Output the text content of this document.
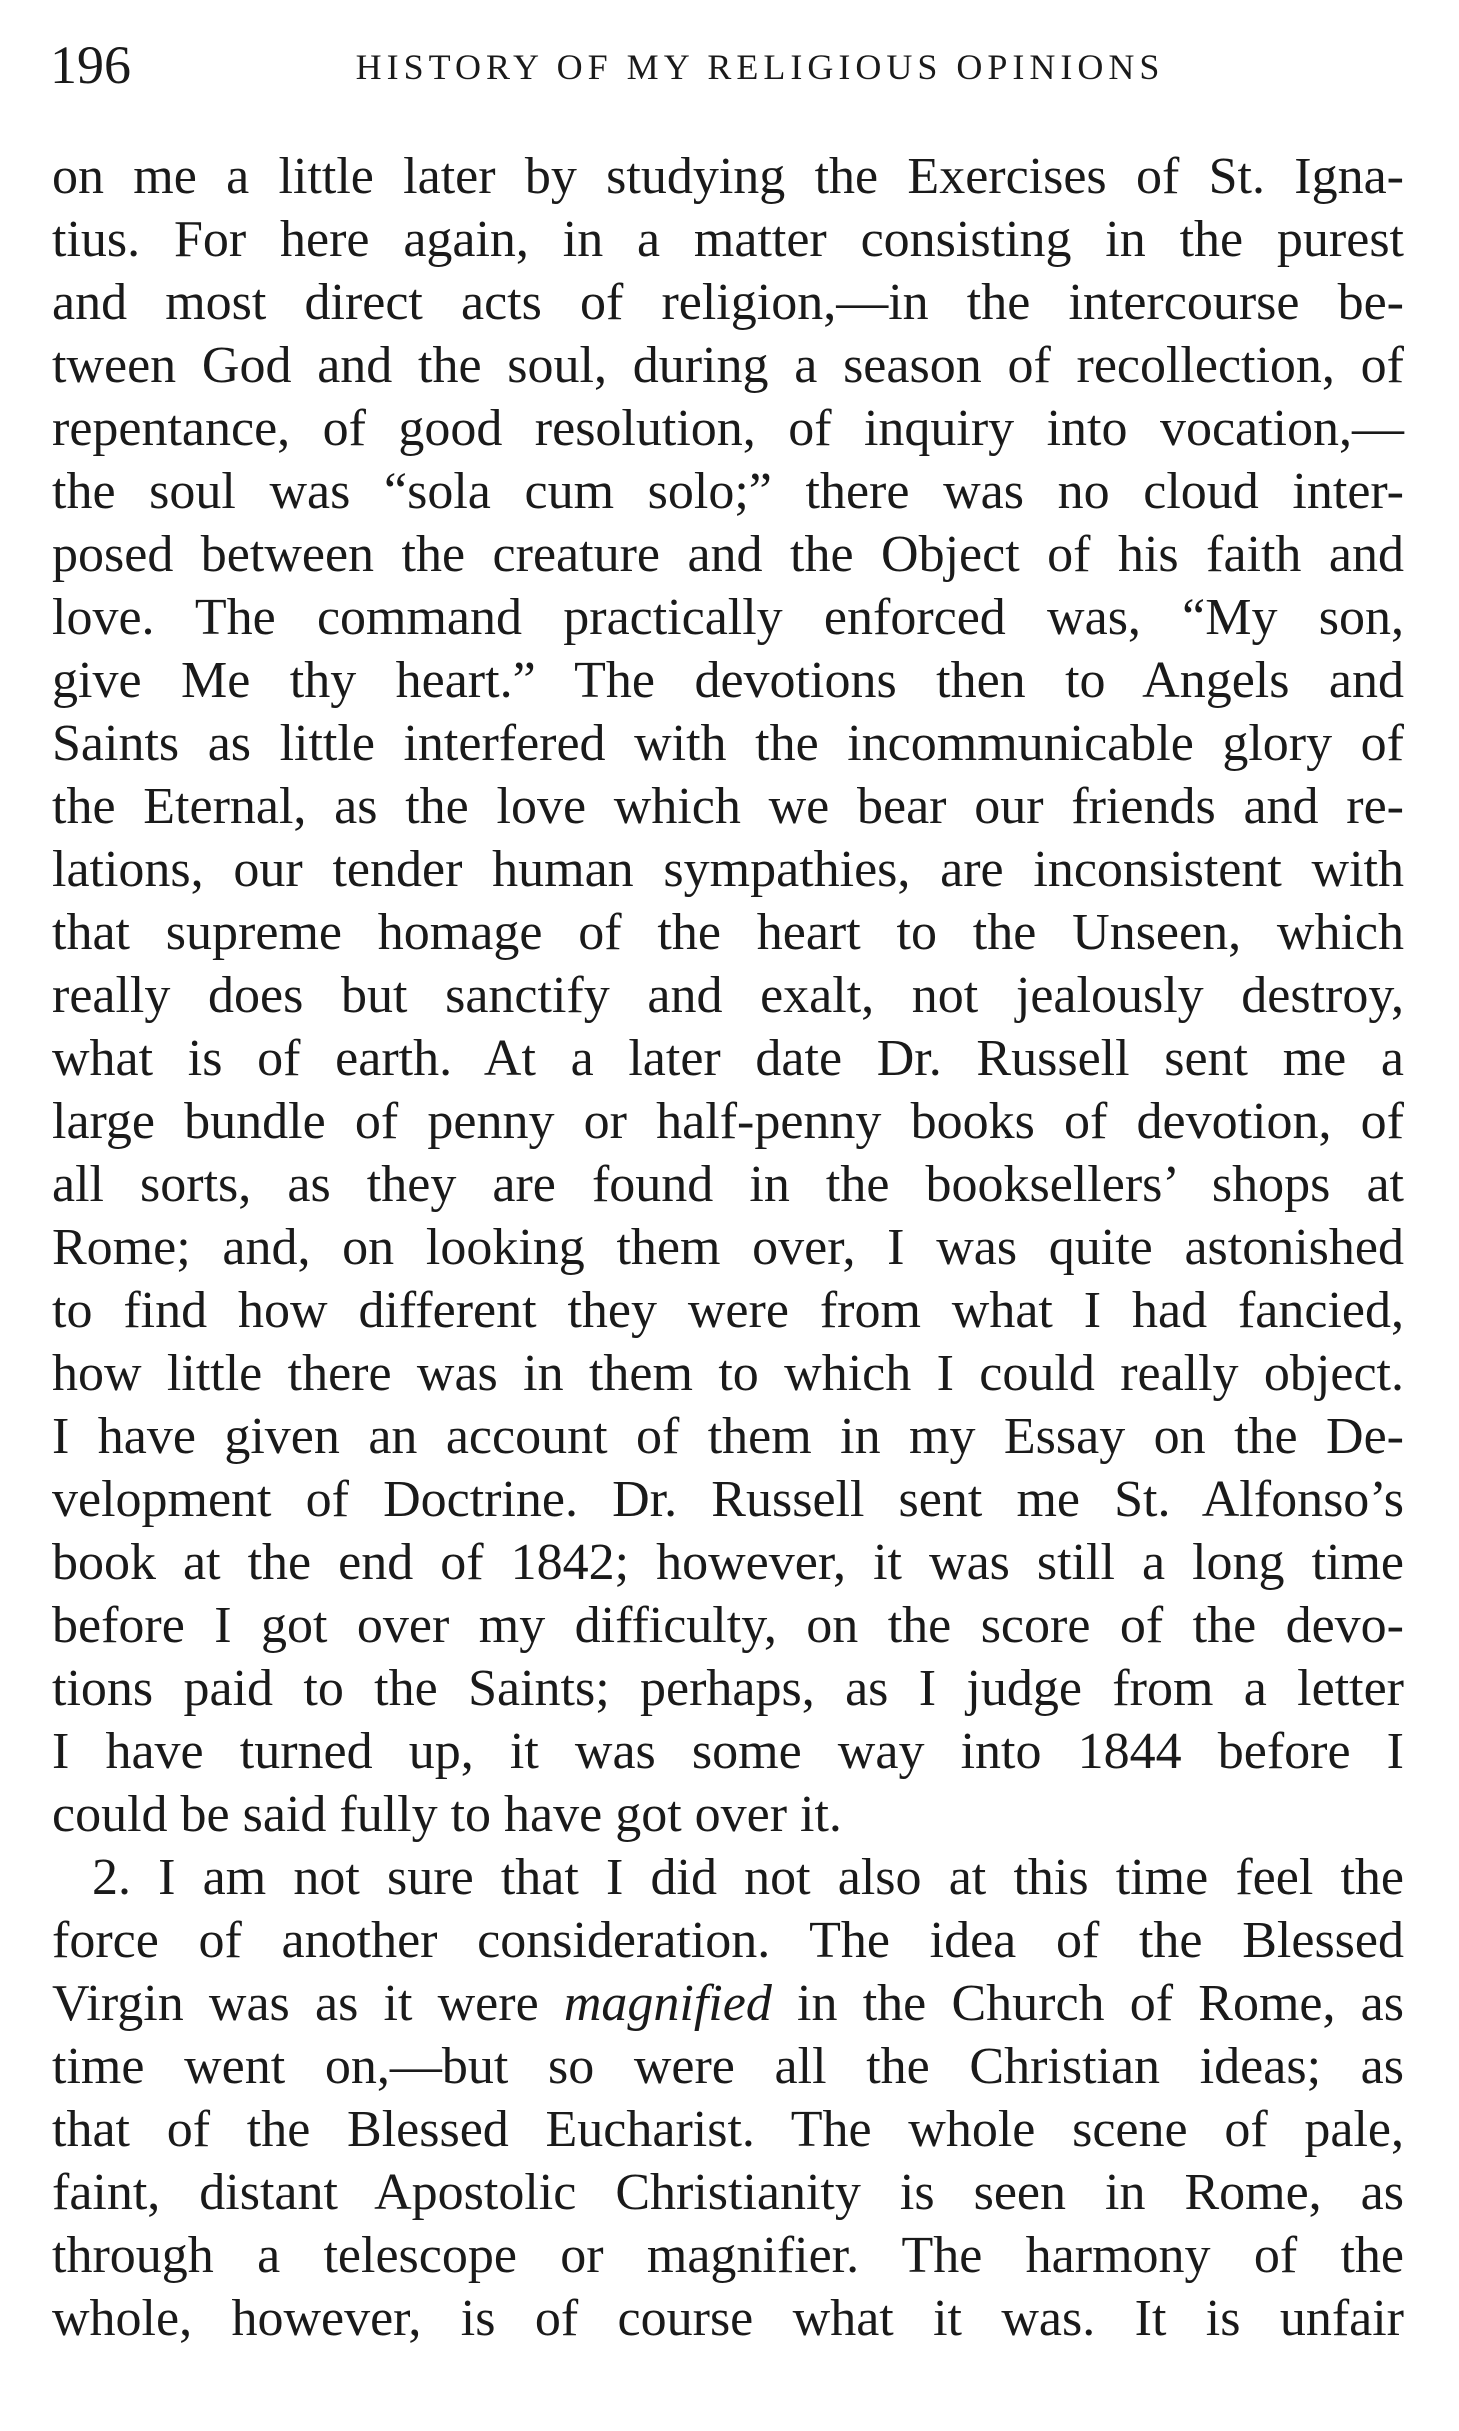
196	HISTORY OF MY RELIGIOUS OPINIONS
on me a little later by studying the Exercises of St. Igna-
tius. For here again, in a matter consisting in the purest
and most direct acts of religion,—in the intercourse be-
tween God and the soul, during a season of recollection, of
repentance, of good resolution, of inquiry into vocation,—
the soul was “sola cum solo;” there was no cloud inter-
posed between the creature and the Object of his faith and
love. The command practically enforced was, “My son,
give Me thy heart.” The devotions then to Angels and
Saints as little interfered with the incommunicable glory of
the Eternal, as the love which we bear our friends and re-
lations, our tender human sympathies, are inconsistent with
that supreme homage of the heart to the Unseen, which
really does but sanctify and exalt, not jealously destroy,
what is of earth. At a later date Dr. Russell sent me a
large bundle of penny or half-penny books of devotion, of
all sorts, as they are found in the booksellers’ shops at
Rome; and, on looking them over, I was quite astonished
to find how different they were from what I had fancied,
how little there was in them to which I could really object.
I have given an account of them in my Essay on the De-
velopment of Doctrine. Dr. Russell sent me St. Alfonso’s
book at the end of 1842; however, it was still a long time
before I got over my difficulty, on the score of the devo-
tions paid to the Saints; perhaps, as I judge from a letter
I have turned up, it was some way into 1844 before I
could be said fully to have got over it.
2. I am not sure that I did not also at this time feel the
force of another consideration. The idea of the Blessed
Virgin was as it were magnified in the Church of Rome, as
time went on,—but so were all the Christian ideas; as
that of the Blessed Eucharist. The whole scene of pale,
faint, distant Apostolic Christianity is seen in Rome, as
through a telescope or magnifier. The harmony of the
whole, however, is of course what it was. It is unfair
